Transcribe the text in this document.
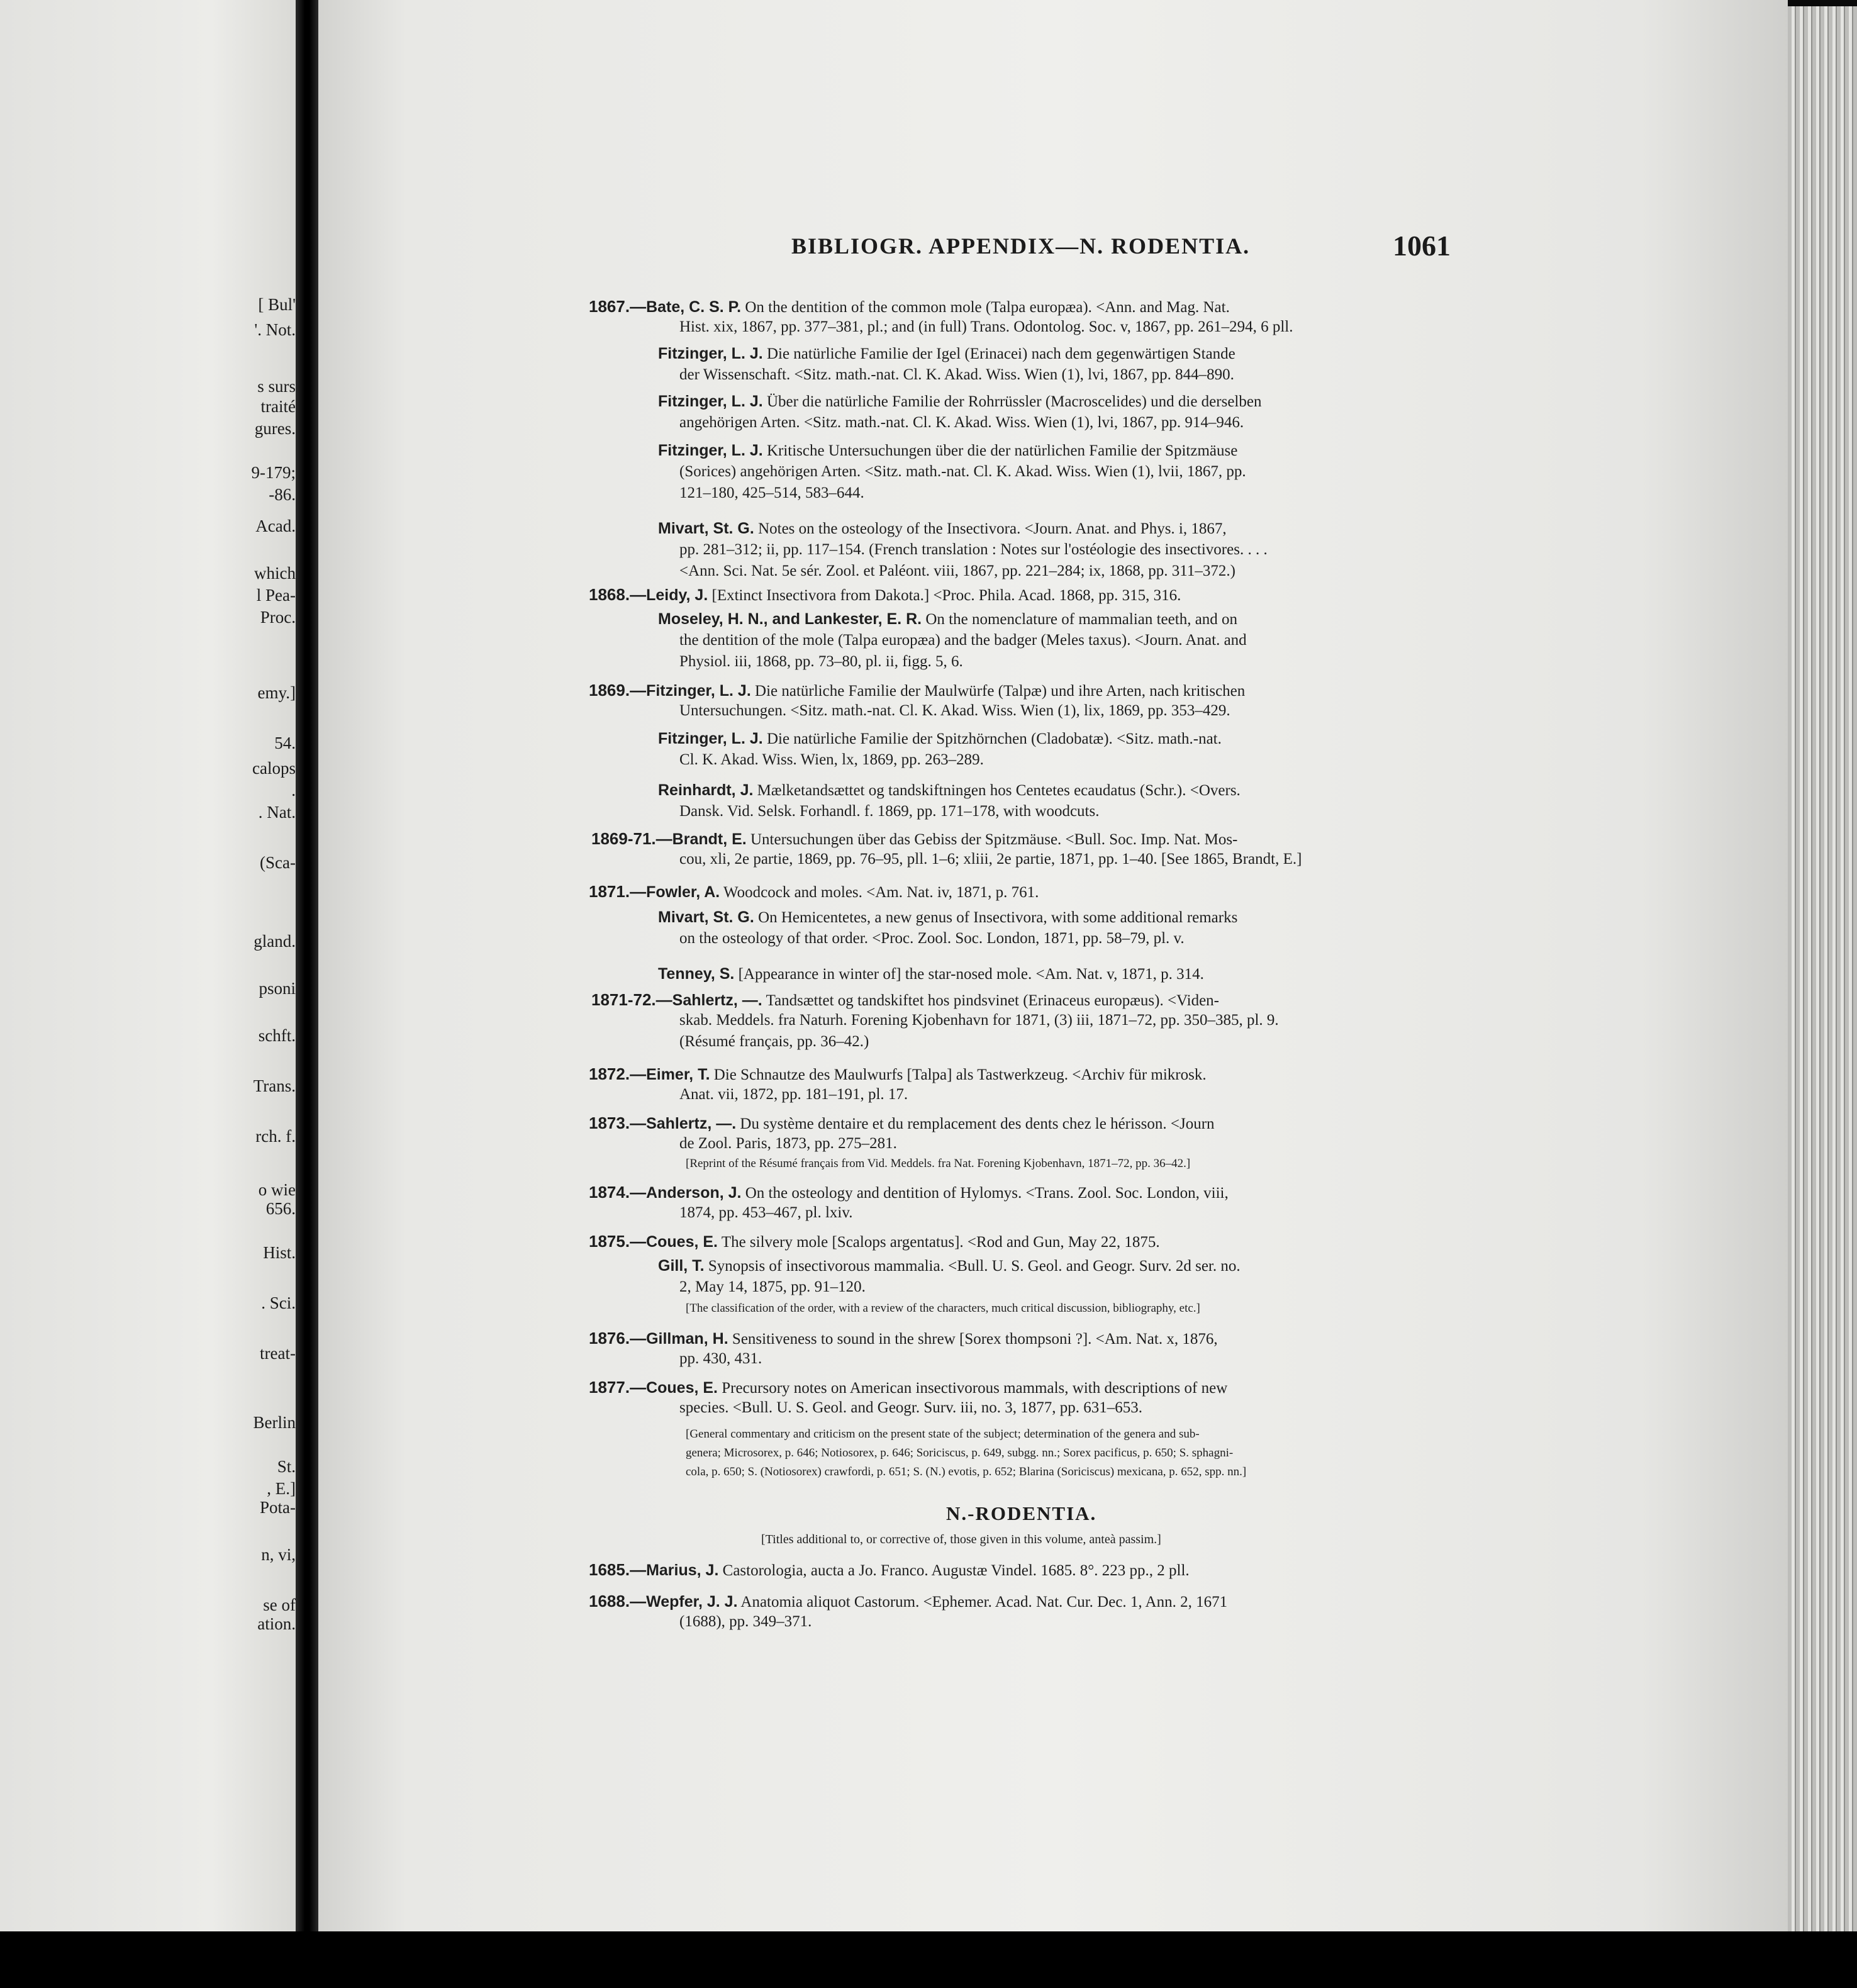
[ Bul'
'. Not.
s surs
traité
gures.
9-179;
-86.
Acad.
which
l Pea-
Proc.
emy.]
54.
calops
.
. Nat.
(Sca-
gland.
psoni
schft.
Trans.
rch. f.
o wie
656.
Hist.
. Sci.
treat-
Berlin
St.
, E.]
Pota-
n, vi,
se of
ation.
BIBLIOGR. APPENDIX—N. RODENTIA.	1061
1867.—Bate, C. S. P. On the dentition of the common mole (Talpa europæa). <Ann. and Mag. Nat.
Hist. xix, 1867, pp. 377–381, pl.; and (in full) Trans. Odontolog. Soc. v, 1867, pp. 261–294, 6 pll.
Fitzinger, L. J. Die natürliche Familie der Igel (Erinacei) nach dem gegenwärtigen Stande
der Wissenschaft. <Sitz. math.-nat. Cl. K. Akad. Wiss. Wien (1), lvi, 1867, pp. 844–890.
Fitzinger, L. J. Über die natürliche Familie der Rohrrüssler (Macroscelides) und die derselben
angehörigen Arten. <Sitz. math.-nat. Cl. K. Akad. Wiss. Wien (1), lvi, 1867, pp. 914–946.
Fitzinger, L. J. Kritische Untersuchungen über die der natürlichen Familie der Spitzmäuse
(Sorices) angehörigen Arten. <Sitz. math.-nat. Cl. K. Akad. Wiss. Wien (1), lvii, 1867, pp.
121–180, 425–514, 583–644.
Mivart, St. G. Notes on the osteology of the Insectivora. <Journ. Anat. and Phys. i, 1867,
pp. 281–312; ii, pp. 117–154. (French translation : Notes sur l'ostéologie des insectivores. . . .
<Ann. Sci. Nat. 5e sér. Zool. et Paléont. viii, 1867, pp. 221–284; ix, 1868, pp. 311–372.)
1868.—Leidy, J. [Extinct Insectivora from Dakota.] <Proc. Phila. Acad. 1868, pp. 315, 316.
Moseley, H. N., and Lankester, E. R. On the nomenclature of mammalian teeth, and on
the dentition of the mole (Talpa europæa) and the badger (Meles taxus). <Journ. Anat. and
Physiol. iii, 1868, pp. 73–80, pl. ii, figg. 5, 6.
1869.—Fitzinger, L. J. Die natürliche Familie der Maulwürfe (Talpæ) und ihre Arten, nach kritischen
Untersuchungen. <Sitz. math.-nat. Cl. K. Akad. Wiss. Wien (1), lix, 1869, pp. 353–429.
Fitzinger, L. J. Die natürliche Familie der Spitzhörnchen (Cladobatæ). <Sitz. math.-nat.
Cl. K. Akad. Wiss. Wien, lx, 1869, pp. 263–289.
Reinhardt, J. Mælketandsættet og tandskiftningen hos Centetes ecaudatus (Schr.). <Overs.
Dansk. Vid. Selsk. Forhandl. f. 1869, pp. 171–178, with woodcuts.
1869-71.—Brandt, E. Untersuchungen über das Gebiss der Spitzmäuse. <Bull. Soc. Imp. Nat. Mos-
cou, xli, 2e partie, 1869, pp. 76–95, pll. 1–6; xliii, 2e partie, 1871, pp. 1–40. [See 1865, Brandt, E.]
1871.—Fowler, A. Woodcock and moles. <Am. Nat. iv, 1871, p. 761.
Mivart, St. G. On Hemicentetes, a new genus of Insectivora, with some additional remarks
on the osteology of that order. <Proc. Zool. Soc. London, 1871, pp. 58–79, pl. v.
Tenney, S. [Appearance in winter of] the star-nosed mole. <Am. Nat. v, 1871, p. 314.
1871-72.—Sahlertz, —. Tandsættet og tandskiftet hos pindsvinet (Erinaceus europæus). <Viden-
skab. Meddels. fra Naturh. Forening Kjobenhavn for 1871, (3) iii, 1871–72, pp. 350–385, pl. 9.
(Résumé français, pp. 36–42.)
1872.—Eimer, T. Die Schnautze des Maulwurfs [Talpa] als Tastwerkzeug. <Archiv für mikrosk.
Anat. vii, 1872, pp. 181–191, pl. 17.
1873.—Sahlertz, —. Du système dentaire et du remplacement des dents chez le hérisson. <Journ
de Zool. Paris, 1873, pp. 275–281.
[Reprint of the Résumé français from Vid. Meddels. fra Nat. Forening Kjobenhavn, 1871–72, pp. 36–42.]
1874.—Anderson, J. On the osteology and dentition of Hylomys. <Trans. Zool. Soc. London, viii,
1874, pp. 453–467, pl. lxiv.
1875.—Coues, E. The silvery mole [Scalops argentatus]. <Rod and Gun, May 22, 1875.
Gill, T. Synopsis of insectivorous mammalia. <Bull. U. S. Geol. and Geogr. Surv. 2d ser. no.
2, May 14, 1875, pp. 91–120.
[The classification of the order, with a review of the characters, much critical discussion, bibliography, etc.]
1876.—Gillman, H. Sensitiveness to sound in the shrew [Sorex thompsoni ?]. <Am. Nat. x, 1876,
pp. 430, 431.
1877.—Coues, E. Precursory notes on American insectivorous mammals, with descriptions of new
species. <Bull. U. S. Geol. and Geogr. Surv. iii, no. 3, 1877, pp. 631–653.
[General commentary and criticism on the present state of the subject; determination of the genera and sub-
genera; Microsorex, p. 646; Notiosorex, p. 646; Soriciscus, p. 649, subgg. nn.; Sorex pacificus, p. 650; S. sphagni-
cola, p. 650; S. (Notiosorex) crawfordi, p. 651; S. (N.) evotis, p. 652; Blarina (Soriciscus) mexicana, p. 652, spp. nn.]
N.-RODENTIA.
[Titles additional to, or corrective of, those given in this volume, anteà passim.]
1685.—Marius, J. Castorologia, aucta a Jo. Franco. Augustæ Vindel. 1685. 8°. 223 pp., 2 pll.
1688.—Wepfer, J. J. Anatomia aliquot Castorum. <Ephemer. Acad. Nat. Cur. Dec. 1, Ann. 2, 1671
(1688), pp. 349–371.
